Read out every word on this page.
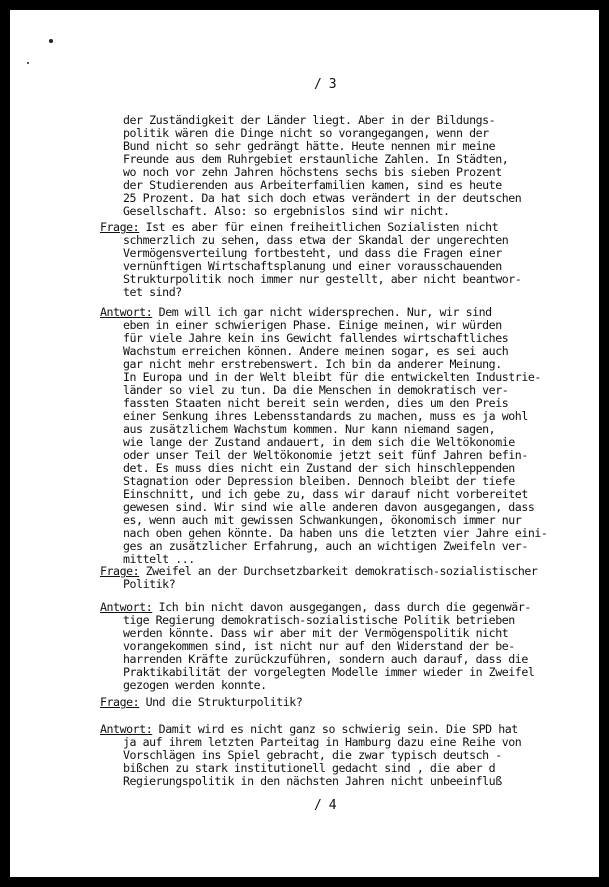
/ 3
der Zuständigkeit der Länder liegt. Aber in der Bildungs-
politik wären die Dinge nicht so vorangegangen, wenn der
Bund nicht so sehr gedrängt hätte. Heute nennen mir meine
Freunde aus dem Ruhrgebiet erstaunliche Zahlen. In Städten,
wo noch vor zehn Jahren höchstens sechs bis sieben Prozent
der Studierenden aus Arbeiterfamilien kamen, sind es heute
25 Prozent. Da hat sich doch etwas verändert in der deutschen
Gesellschaft. Also: so ergebnislos sind wir nicht.
Frage: Ist es aber für einen freiheitlichen Sozialisten nicht
schmerzlich zu sehen, dass etwa der Skandal der ungerechten
Vermögensverteilung fortbesteht, und dass die Fragen einer
vernünftigen Wirtschaftsplanung und einer vorausschauenden
Strukturpolitik noch immer nur gestellt, aber nicht beantwor-
tet sind?
Antwort: Dem will ich gar nicht widersprechen. Nur, wir sind
eben in einer schwierigen Phase. Einige meinen, wir würden
für viele Jahre kein ins Gewicht fallendes wirtschaftliches
Wachstum erreichen können. Andere meinen sogar, es sei auch
gar nicht mehr erstrebenswert. Ich bin da anderer Meinung.
In Europa und in der Welt bleibt für die entwickelten Industrie-
länder so viel zu tun. Da die Menschen in demokratisch ver-
fassten Staaten nicht bereit sein werden, dies um den Preis
einer Senkung ihres Lebensstandards zu machen, muss es ja wohl
aus zusätzlichem Wachstum kommen. Nur kann niemand sagen,
wie lange der Zustand andauert, in dem sich die Weltökonomie
oder unser Teil der Weltökonomie jetzt seit fünf Jahren befin-
det. Es muss dies nicht ein Zustand der sich hinschleppenden
Stagnation oder Depression bleiben. Dennoch bleibt der tiefe
Einschnitt, und ich gebe zu, dass wir darauf nicht vorbereitet
gewesen sind. Wir sind wie alle anderen davon ausgegangen, dass
es, wenn auch mit gewissen Schwankungen, ökonomisch immer nur
nach oben gehen könnte. Da haben uns die letzten vier Jahre eini-
ges an zusätzlicher Erfahrung, auch an wichtigen Zweifeln ver-
mittelt ...
Frage: Zweifel an der Durchsetzbarkeit demokratisch-sozialistischer
Politik?
Antwort: Ich bin nicht davon ausgegangen, dass durch die gegenwär-
tige Regierung demokratisch-sozialistische Politik betrieben
werden könnte. Dass wir aber mit der Vermögenspolitik nicht
vorangekommen sind, ist nicht nur auf den Widerstand der be-
harrenden Kräfte zurückzuführen, sondern auch darauf, dass die
Praktikabilität der vorgelegten Modelle immer wieder in Zweifel
gezogen werden konnte.
Frage: Und die Strukturpolitik?
Antwort: Damit wird es nicht ganz so schwierig sein. Die SPD hat
ja auf ihrem letzten Parteitag in Hamburg dazu eine Reihe von
Vorschlägen ins Spiel gebracht, die zwar typisch deutsch -
bißchen zu stark institutionell gedacht sind , die aber d
Regierungspolitik in den nächsten Jahren nicht unbeeinfluß
/ 4
